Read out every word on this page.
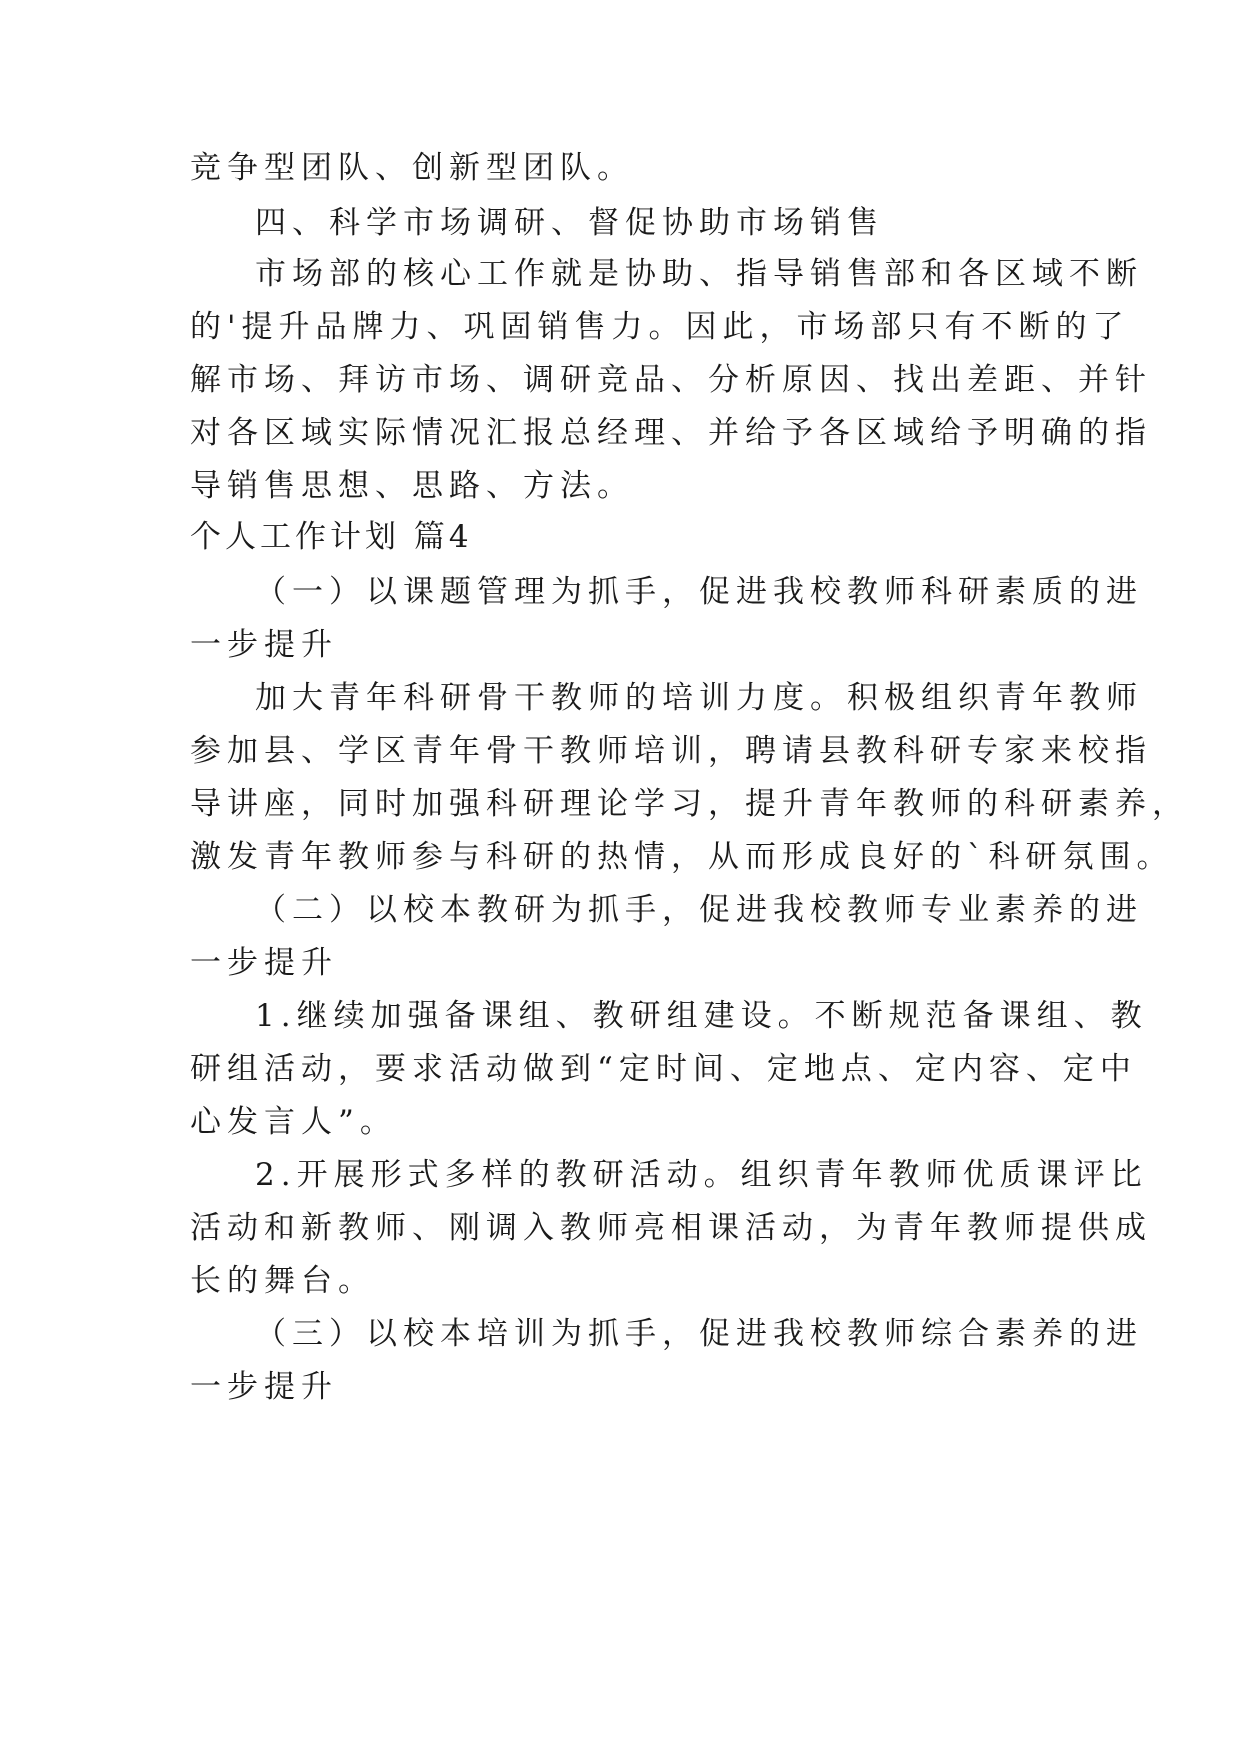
竞争型团队、创新型团队。
四、科学市场调研、督促协助市场销售
市场部的核心工作就是协助、指导销售部和各区域不断
的'提升品牌力、巩固销售力。因此，市场部只有不断的了
解市场、拜访市场、调研竞品、分析原因、找出差距、并针
对各区域实际情况汇报总经理、并给予各区域给予明确的指
导销售思想、思路、方法。
个人工作计划 篇4
（一）以课题管理为抓手，促进我校教师科研素质的进
一步提升
加大青年科研骨干教师的培训力度。积极组织青年教师
参加县、学区青年骨干教师培训，聘请县教科研专家来校指
导讲座，同时加强科研理论学习，提升青年教师的科研素养，
激发青年教师参与科研的热情，从而形成良好的`科研氛围。
（二）以校本教研为抓手，促进我校教师专业素养的进
一步提升
1.继续加强备课组、教研组建设。不断规范备课组、教
研组活动，要求活动做到“定时间、定地点、定内容、定中
心发言人”。
2.开展形式多样的教研活动。组织青年教师优质课评比
活动和新教师、刚调入教师亮相课活动，为青年教师提供成
长的舞台。
（三）以校本培训为抓手，促进我校教师综合素养的进
一步提升
